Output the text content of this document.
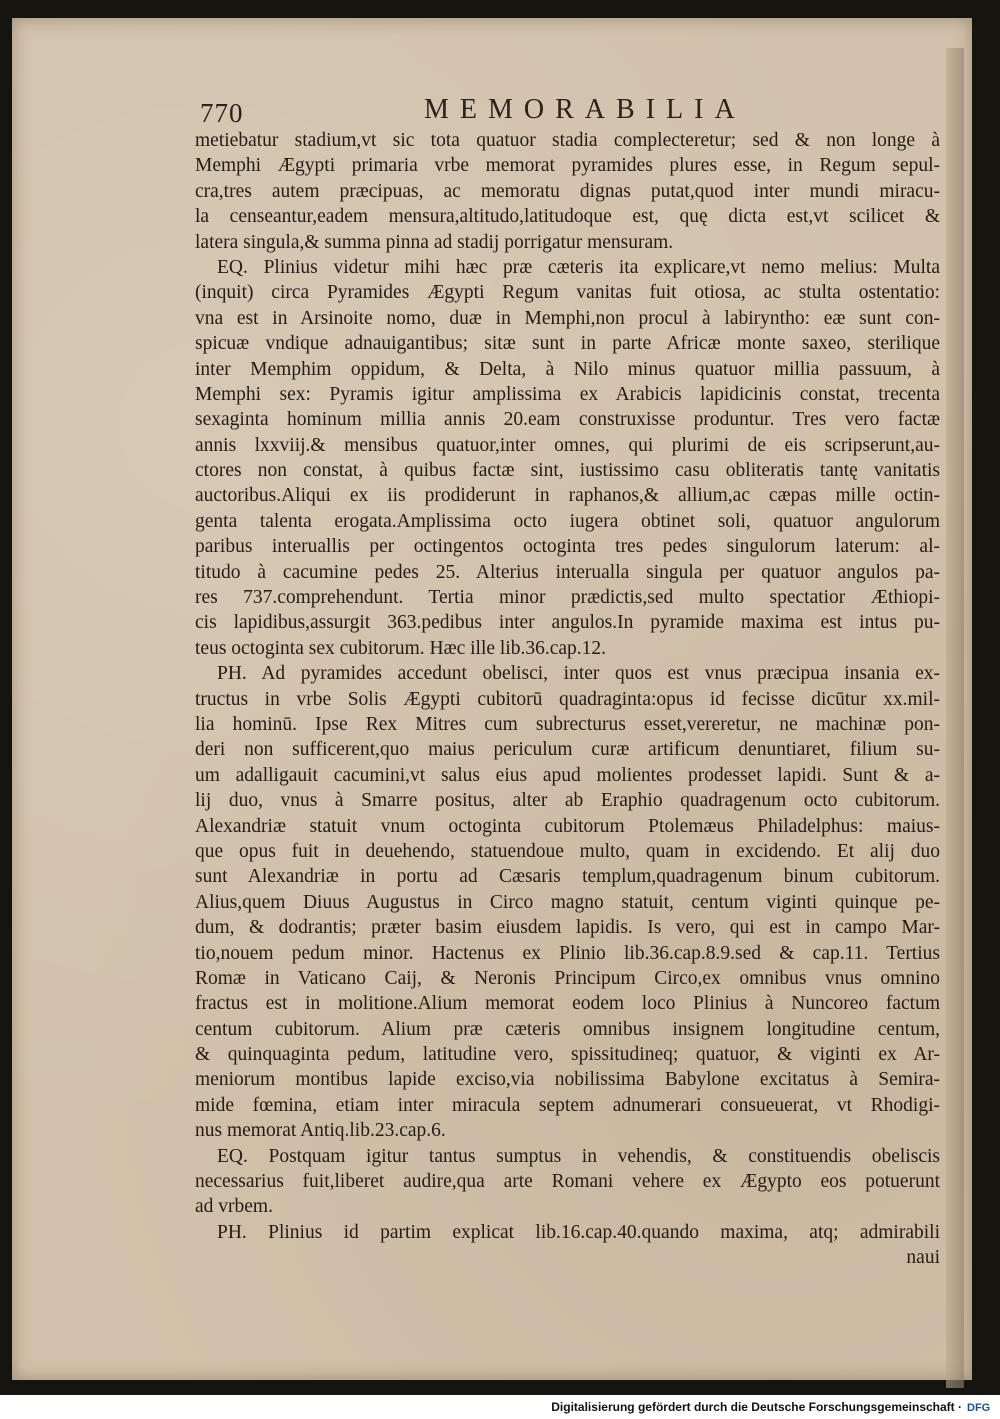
770	MEMORABILIA
metiebatur stadium,vt sic tota quatuor stadia complecteretur; sed & non longe à
Memphi Ægypti primaria vrbe memorat pyramides plures esse, in Regum sepul-
cra,tres autem præcipuas, ac memoratu dignas putat,quod inter mundi miracu-
la censeantur,eadem mensura,altitudo,latitudoque est, quę dicta est,vt scilicet &
latera singula,& summa pinna ad stadij porrigatur mensuram.
EQ. Plinius videtur mihi hæc præ cæteris ita explicare,vt nemo melius: Multa
(inquit) circa Pyramides Ægypti Regum vanitas fuit otiosa, ac stulta ostentatio:
vna est in Arsinoite nomo, duæ in Memphi,non procul à labirynthо: eæ sunt con-
spicuæ vndique adnauigantibus; sitæ sunt in parte Africæ monte saxeo, sterilique
inter Memphim oppidum, & Delta, à Nilo minus quatuor millia passuum, à
Memphi sex: Pyramis igitur amplissima ex Arabicis lapidicinis constat, trecenta
sexaginta hominum millia annis 20.eam construxisse produntur. Tres vero factæ
annis lxxviij.& mensibus quatuor,inter omnes, qui plurimi de eis scripserunt,au-
ctores non constat, à quibus factæ sint, iustissimo casu obliteratis tantę vanitatis
auctoribus.Aliqui ex iis prodiderunt in raphanos,& allium,ac cæpas mille octin-
genta talenta erogata.Amplissima octo iugera obtinet soli, quatuor angulorum
paribus interuallis per octingentos octoginta tres pedes singulorum laterum: al-
titudo à cacumine pedes 25. Alterius interualla singula per quatuor angulos pa-
res 737.comprehendunt. Tertia minor prædictis,sed multo spectatior Æthiopi-
cis lapidibus,assurgit 363.pedibus inter angulos.In pyramide maxima est intus pu-
teus octoginta sex cubitorum. Hæc ille lib.36.cap.12.
PH. Ad pyramides accedunt obelisci, inter quos est vnus præcipua insania ex-
tructus in vrbe Solis Ægypti cubitorū quadraginta:opus id fecisse dicūtur xx.mil-
lia hominū. Ipse Rex Mitres cum subrecturus esset,vereretur, ne machinæ pon-
deri non sufficerent,quo maius periculum curæ artificum denuntiaret, filium su-
um adalligauit cacumini,vt salus eius apud molientes prodesset lapidi. Sunt & a-
lij duo, vnus à Smarre positus, alter ab Eraphio quadragenum octo cubitorum.
Alexandriæ statuit vnum octoginta cubitorum Ptolemæus Philadelphus: maius-
que opus fuit in deuehendo, statuendoue multo, quam in excidendo. Et alij duo
sunt Alexandriæ in portu ad Cæsaris templum,quadragenum binum cubitorum.
Alius,quem Diuus Augustus in Circo magno statuit, centum viginti quinque pe-
dum, & dodrantis; præter basim eiusdem lapidis. Is vero, qui est in campo Mar-
tio,nouem pedum minor. Hactenus ex Plinio lib.36.cap.8.9.sed & cap.11. Tertius
Romæ in Vaticano Caij, & Neronis Principum Circo,ex omnibus vnus omnino
fractus est in molitione.Alium memorat eodem loco Plinius à Nuncoreo factum
centum cubitorum. Alium præ cæteris omnibus insignem longitudine centum,
& quinquaginta pedum, latitudine vero, spissitudineq; quatuor, & viginti ex Ar-
meniorum montibus lapide exciso,via nobilissima Babylone excitatus à Semira-
mide fœmina, etiam inter miracula septem adnumerari consueuerat, vt Rhodigi-
nus memorat Antiq.lib.23.cap.6.
EQ. Postquam igitur tantus sumptus in vehendis, & constituendis obeliscis
necessarius fuit,liberet audire,qua arte Romani vehere ex Ægypto eos potuerunt
ad vrbem.
PH. Plinius id partim explicat lib.16.cap.40.quando maxima, atq; admirabili
naui
Digitalisierung gefördert durch die Deutsche Forschungsgemeinschaft · DFG
